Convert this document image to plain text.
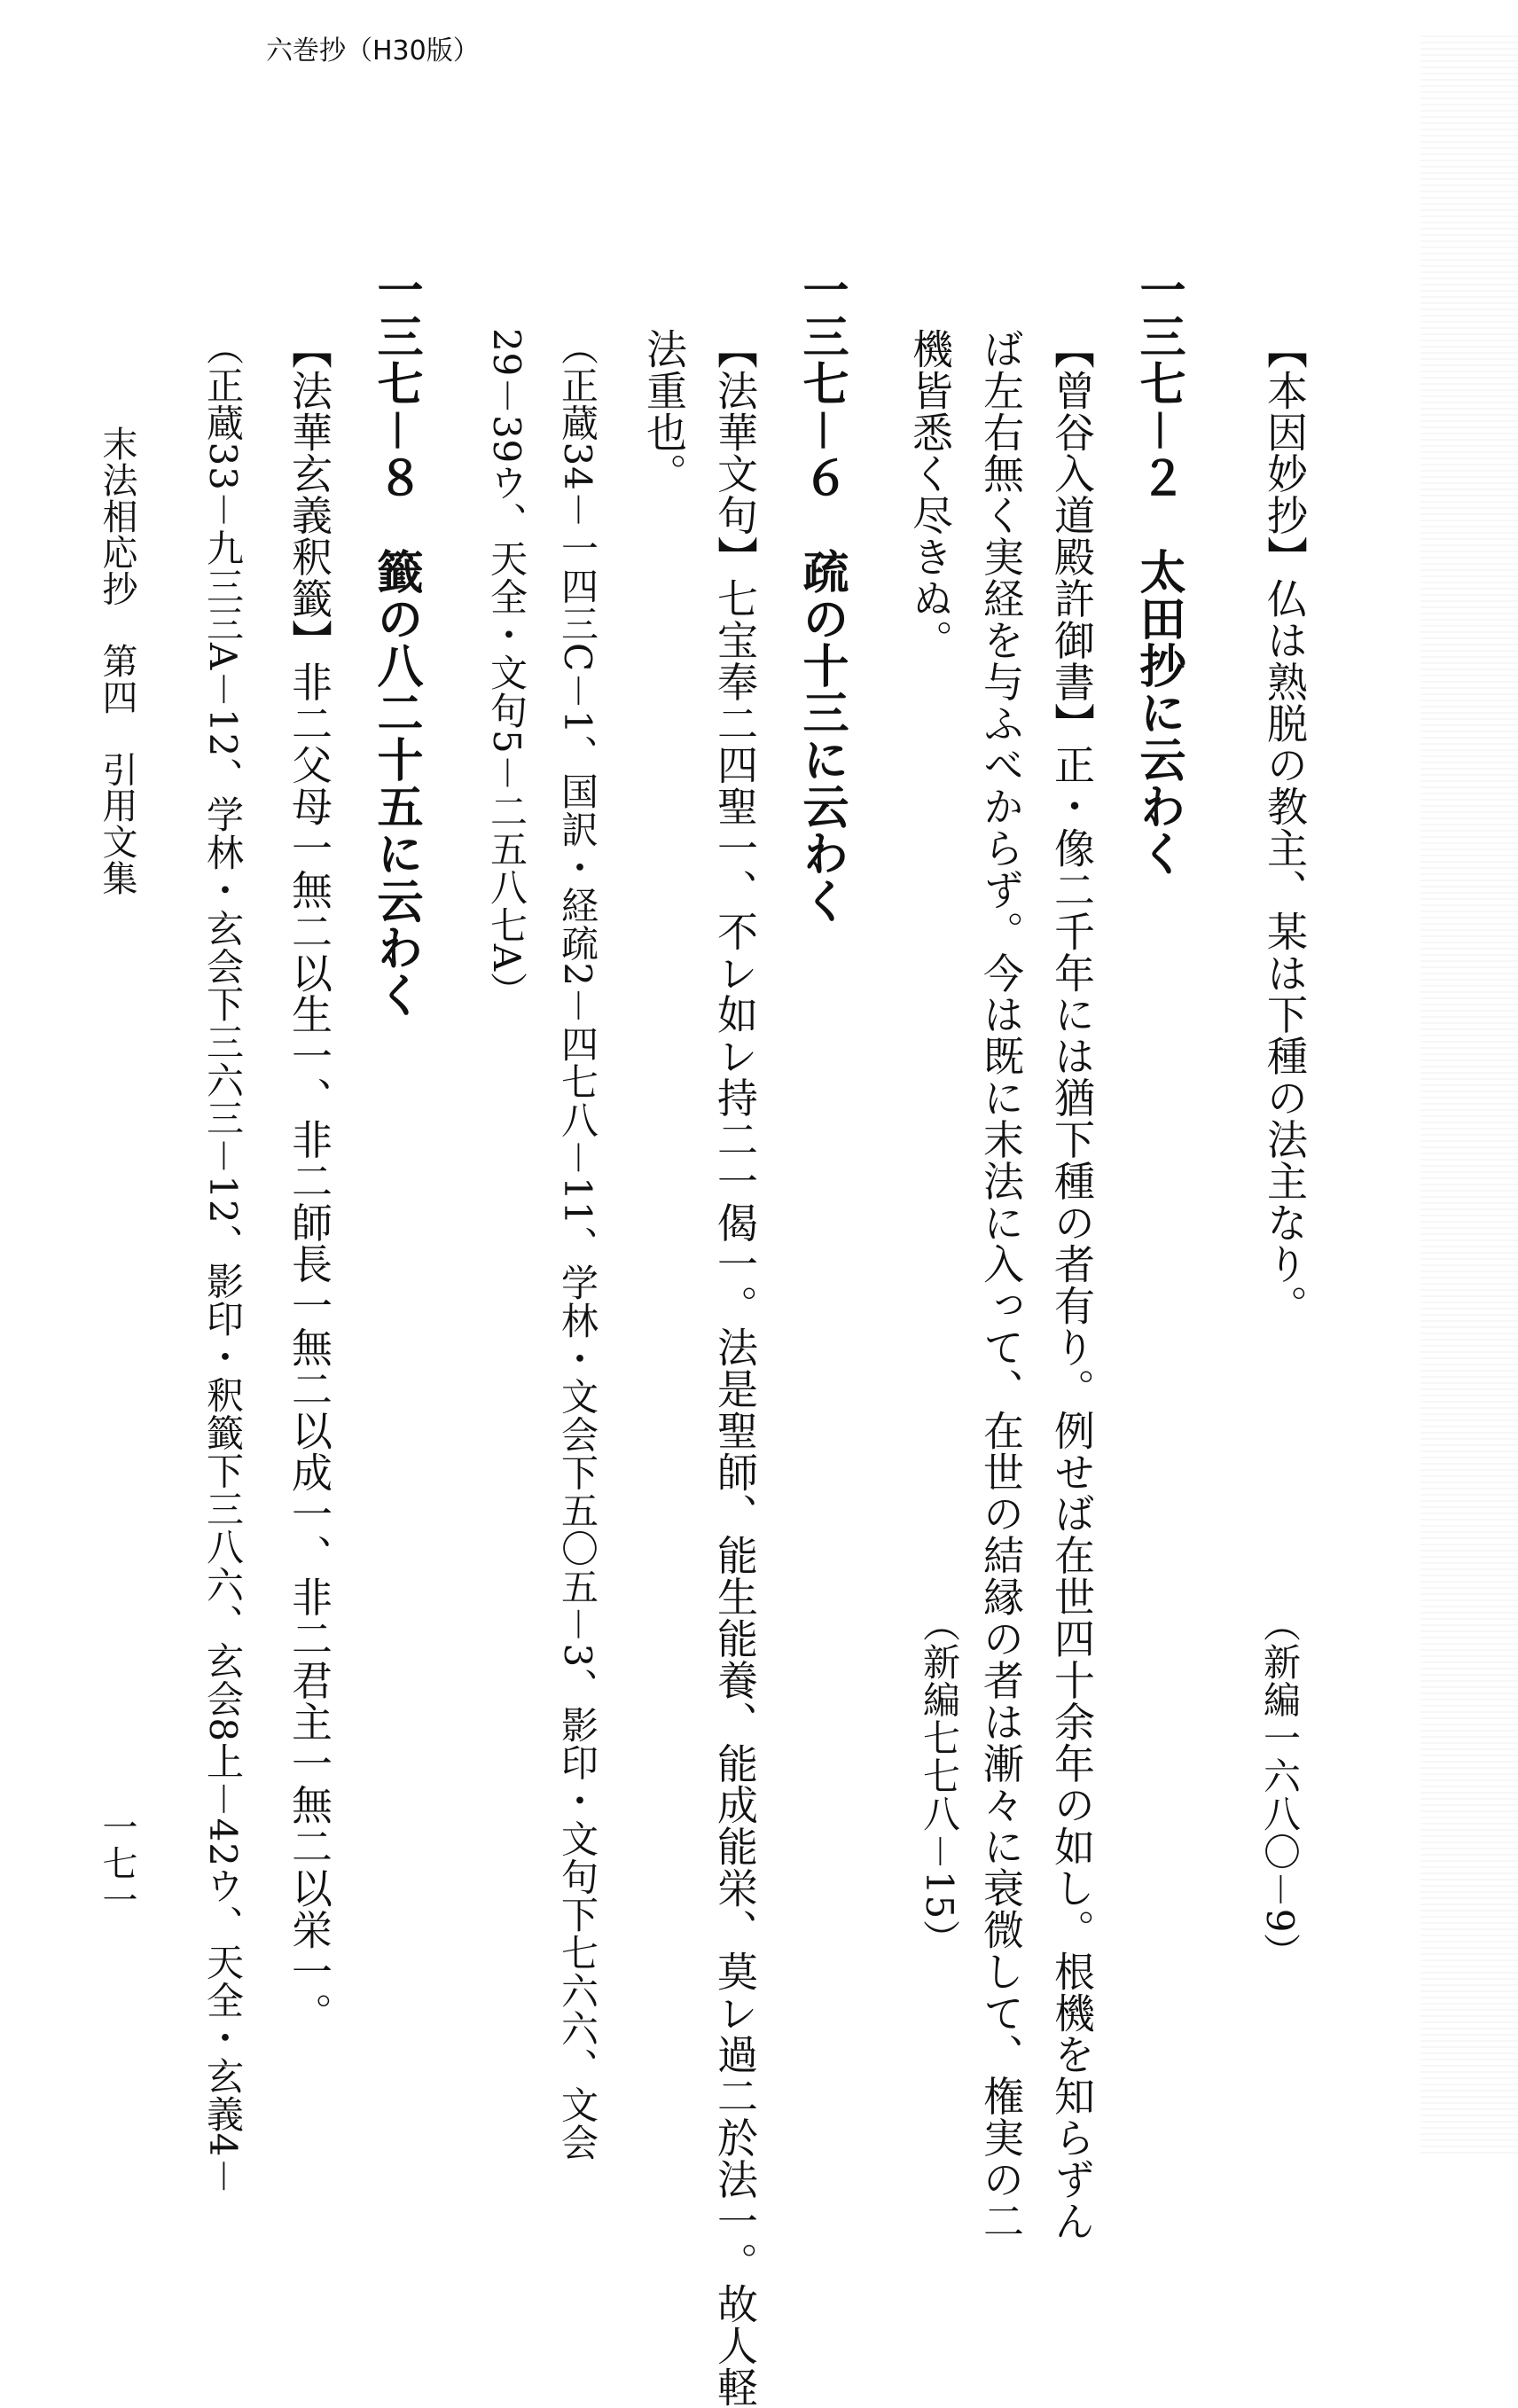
六巻抄（H30版）
【本因妙抄】仏は熟脱の教主、某は下種の法主なり。
（新編一六八〇－9）
一三七－２　太田抄に云わく
【曾谷入道殿許御書】正・像二千年には猶下種の者有り。例せば在世四十余年の如し。根機を知らずん
ば左右無く実経を与ふべからず。今は既に末法に入って、在世の結縁の者は漸々に衰微して、権実の二
機皆悉く尽きぬ。
（新編七七八－15）
一三七－６　疏の十三に云わく
【法華文句】七宝奉二四聖一、不レ如レ持二一偈一。法是聖師、能生能養、能成能栄、莫レ過二於法一。故人軽
法重也。
（正蔵34－一四三C－1、国訳・経疏2－四七八－11、学林・文会下五〇五－3、影印・文句下七六六、文会
29－39ウ、天全・文句5－二五八七A）
一三七－８　籤の八二十五に云わく
【法華玄義釈籤】非二父母一無二以生一、非二師長一無二以成一、非二君主一無二以栄一。
（正蔵33－九三三A－12、学林・玄会下三六三－12、影印・釈籤下三八六、玄会8上－42ウ、天全・玄義4－
末法相応抄　第四　引用文集
一七一
